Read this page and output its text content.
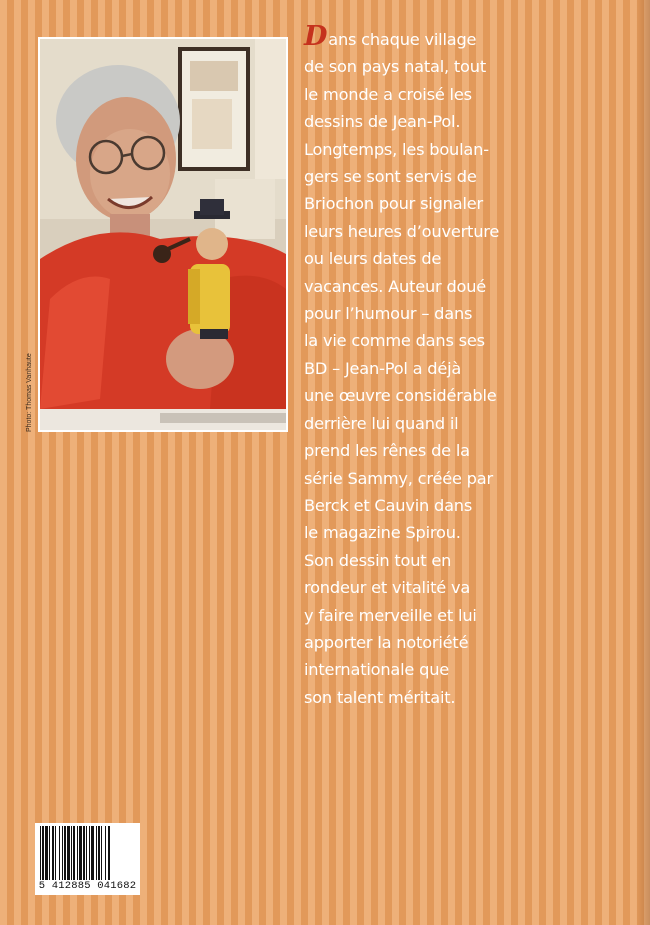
Photo: Thomas Vanhaute
Dans chaque village
de son pays natal, tout
le monde a croisé les
dessins de Jean-Pol.
Longtemps, les boulan-
gers se sont servis de
Briochon pour signaler
leurs heures d’ouverture
ou leurs dates de
vacances. Auteur doué
pour l’humour – dans
la vie comme dans ses
BD – Jean-Pol a déjà
une œuvre considérable
derrière lui quand il
prend les rênes de la
série Sammy, créée par
Berck et Cauvin dans
le magazine Spirou.
Son dessin tout en
rondeur et vitalité va
y faire merveille et lui
apporter la notoriété
internationale que
son talent méritait.
5 412885 041682
